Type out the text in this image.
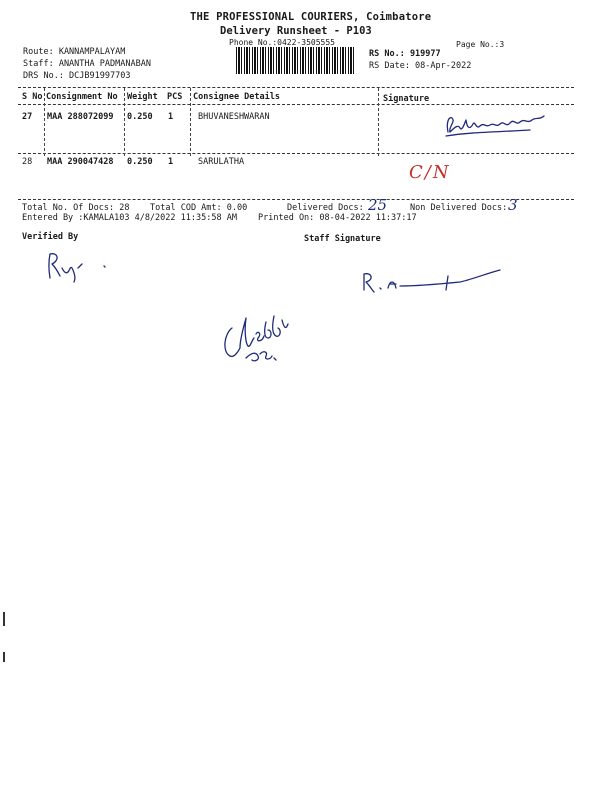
THE PROFESSIONAL COURIERS, Coimbatore
Delivery Runsheet - P103
Phone No.:0422-3505555	Page No.:3
Route: KANNAMPALAYAM
Staff: ANANTHA PADMANABAN
DRS No.: DCJB91997703
RS No.: 919977
RS Date: 08-Apr-2022
S No Consignment No Weight PCS Consignee Details	Signature
27 MAA 288072099 0.250 1	BHUVANESHWARAN
28 MAA 290047428 0.250 1	SARULATHA
Total No. Of Docs: 28 Total COD Amt: 0.00	Delivered Docs:	Non Delivered Docs:
Entered By :KAMALA103 4/8/2022 11:35:58 AM Printed On: 08-04-2022 11:37:17
25	3
Verified By	Staff Signature
C/N
